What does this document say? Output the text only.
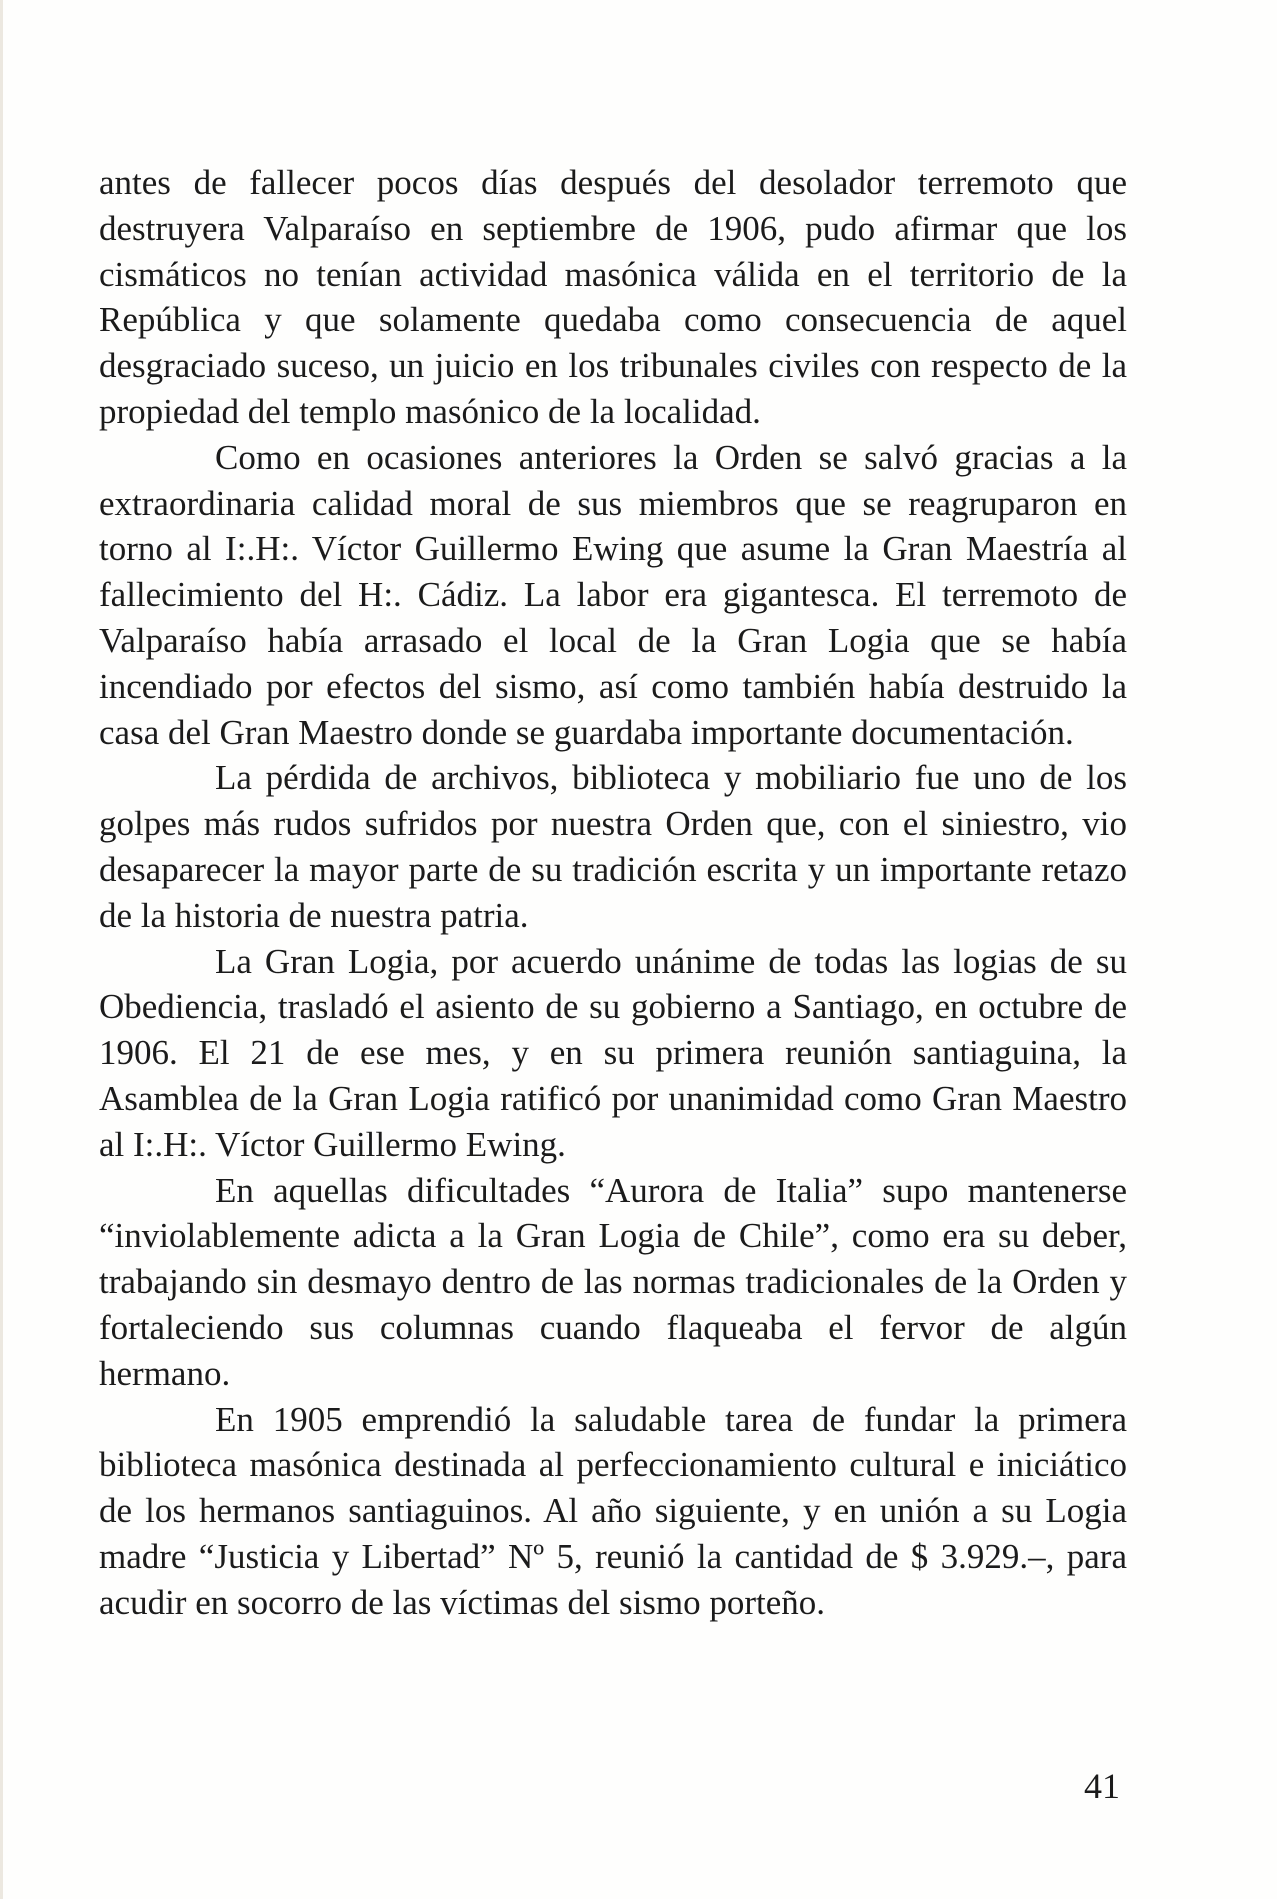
antes de fallecer pocos días después del desolador terremoto que destruyera Valparaíso en septiembre de 1906, pudo afirmar que los cismáticos no tenían actividad masónica válida en el territorio de la República y que solamente quedaba como consecuencia de aquel desgraciado suceso, un juicio en los tribunales civiles con respecto de la propiedad del templo masónico de la localidad.

Como en ocasiones anteriores la Orden se salvó gracias a la extraordinaria calidad moral de sus miembros que se reagruparon en torno al I:.H:. Víctor Guillermo Ewing que asume la Gran Maestría al fallecimiento del H:. Cádiz. La labor era gigantesca. El terremoto de Valparaíso había arrasado el local de la Gran Logia que se había incendiado por efectos del sismo, así como también había destruido la casa del Gran Maestro donde se guardaba importante documentación.

La pérdida de archivos, biblioteca y mobiliario fue uno de los golpes más rudos sufridos por nuestra Orden que, con el siniestro, vio desaparecer la mayor parte de su tradición escrita y un importante retazo de la historia de nuestra patria.

La Gran Logia, por acuerdo unánime de todas las logias de su Obediencia, trasladó el asiento de su gobierno a Santiago, en octubre de 1906. El 21 de ese mes, y en su primera reunión santiaguina, la Asamblea de la Gran Logia ratificó por unanimidad como Gran Maestro al I:.H:. Víctor Guillermo Ewing.

En aquellas dificultades “Aurora de Italia” supo mantenerse “inviolablemente adicta a la Gran Logia de Chile”, como era su deber, trabajando sin desmayo dentro de las normas tradicionales de la Orden y fortaleciendo sus columnas cuando flaqueaba el fervor de algún hermano.

En 1905 emprendió la saludable tarea de fundar la primera biblioteca masónica destinada al perfeccionamiento cultural e iniciático de los hermanos santiaguinos. Al año siguiente, y en unión a su Logia madre “Justicia y Libertad” Nº 5, reunió la cantidad de $ 3.929.–, para acudir en socorro de las víctimas del sismo porteño.

41
